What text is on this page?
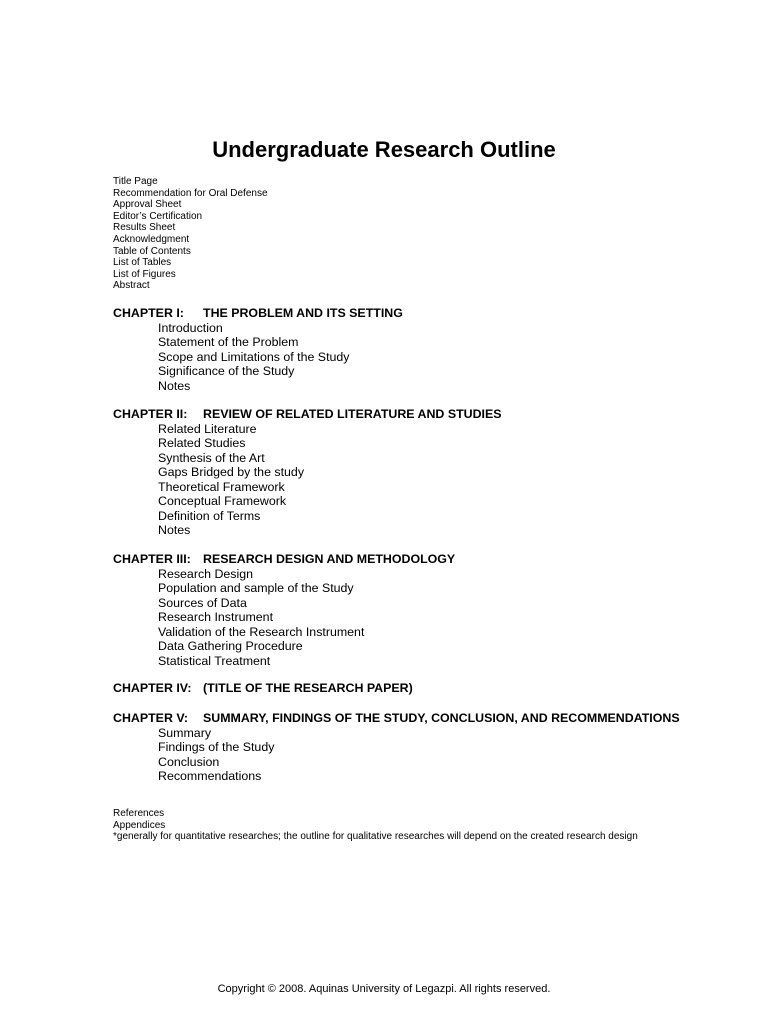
Undergraduate Research Outline
Title Page
Recommendation for Oral Defense
Approval Sheet
Editor’s Certification
Results Sheet
Acknowledgment
Table of Contents
List of Tables
List of Figures
Abstract
CHAPTER I:	THE PROBLEM AND ITS SETTING
Introduction
Statement of the Problem
Scope and Limitations of the Study
Significance of the Study
Notes
CHAPTER II:	REVIEW OF RELATED LITERATURE AND STUDIES
Related Literature
Related Studies
Synthesis of the Art
Gaps Bridged by the study
Theoretical Framework
Conceptual Framework
Definition of Terms
Notes
CHAPTER III: RESEARCH DESIGN AND METHODOLOGY
Research Design
Population and sample of the Study
Sources of Data
Research Instrument
Validation of the Research Instrument
Data Gathering Procedure
Statistical Treatment
CHAPTER IV: (TITLE OF THE RESEARCH PAPER)
CHAPTER V:	SUMMARY, FINDINGS OF THE STUDY, CONCLUSION, AND RECOMMENDATIONS
Summary
Findings of the Study
Conclusion
Recommendations
References
Appendices
*generally for quantitative researches; the outline for qualitative researches will depend on the created research design
Copyright © 2008. Aquinas University of Legazpi. All rights reserved.
